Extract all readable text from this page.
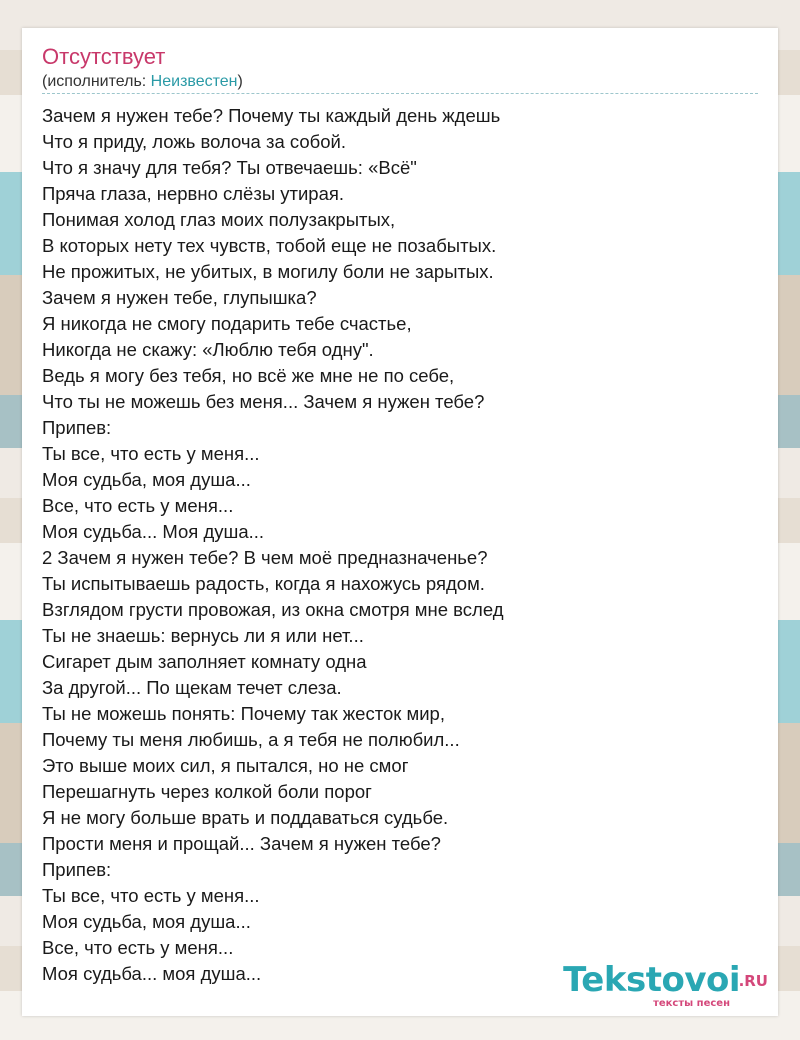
Отсутствует
(исполнитель: Неизвестен)
Зачем я нужен тебе? Почему ты каждый день ждешь
Что я приду, ложь волоча за собой.
Что я значу для тебя? Ты отвечаешь: «Всё"
Пряча глаза, нервно слёзы утирая.
Понимая холод глаз моих полузакрытых,
В которых нету тех чувств, тобой еще не позабытых.
Не прожитых, не убитых, в могилу боли не зарытых.
Зачем я нужен тебе, глупышка?
Я никогда не смогу подарить тебе счастье,
Никогда не скажу: «Люблю тебя одну".
Ведь я могу без тебя, но всё же мне не по себе,
Что ты не можешь без меня... Зачем я нужен тебе?
Припев:
Ты все, что есть у меня...
Моя судьба, моя душа...
Все, что есть у меня...
Моя судьба... Моя душа...
2 Зачем я нужен тебе? В чем моё предназначенье?
Ты испытываешь радость, когда я нахожусь рядом.
Взглядом грусти провожая, из окна смотря мне вслед
Ты не знаешь: вернусь ли я или нет...
Сигарет дым заполняет комнату одна
За другой... По щекам течет слеза.
Ты не можешь понять: Почему так жесток мир,
Почему ты меня любишь, а я тебя не полюбил...
Это выше моих сил, я пытался, но не смог
Перешагнуть через колкой боли порог
Я не могу больше врать и поддаваться судьбе.
Прости меня и прощай... Зачем я нужен тебе?
Припев:
Ты все, что есть у меня...
Моя судьба, моя душа...
Все, что есть у меня...
Моя судьба... моя душа...	Tekstovoi
.RU
тексты песен
